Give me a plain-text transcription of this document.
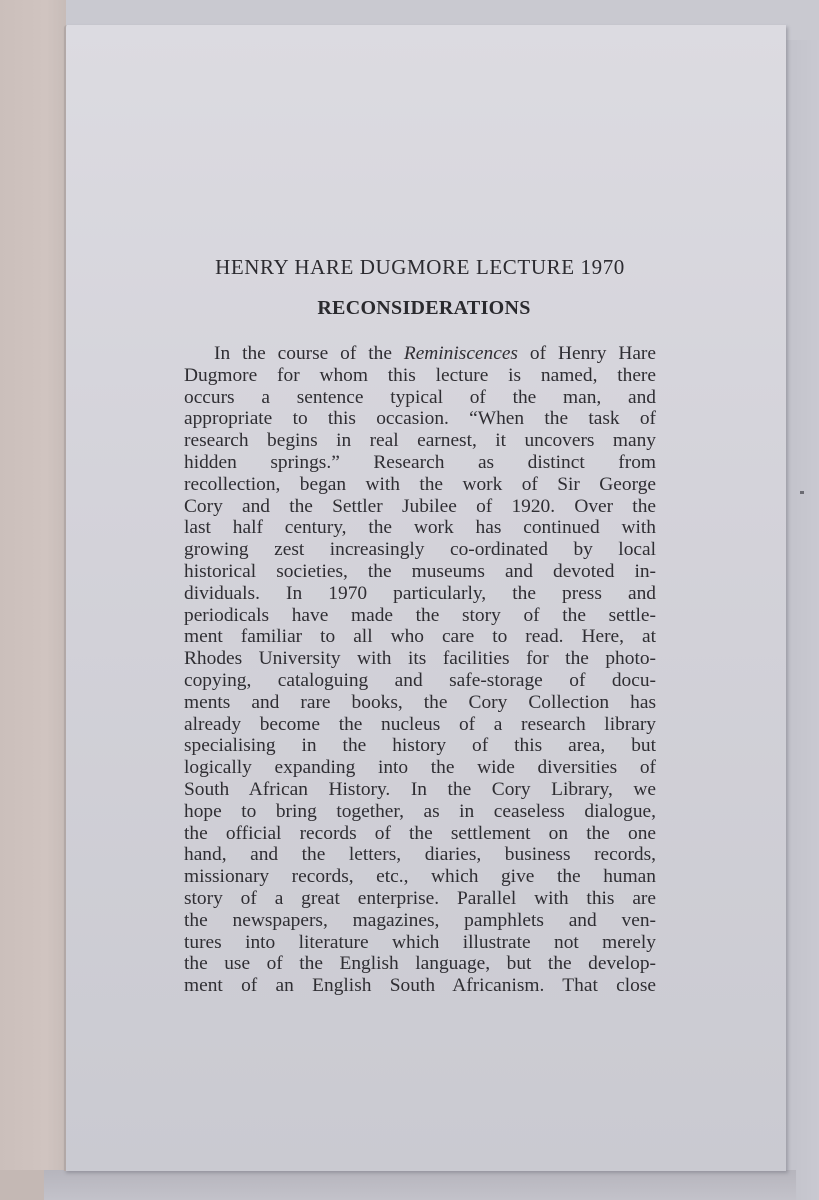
HENRY HARE DUGMORE LECTURE 1970
RECONSIDERATIONS
In the course of the Reminiscences of Henry Hare
Dugmore for whom this lecture is named, there
occurs a sentence typical of the man, and
appropriate to this occasion. “When the task of
research begins in real earnest, it uncovers many
hidden springs.” Research as distinct from
recollection, began with the work of Sir George
Cory and the Settler Jubilee of 1920. Over the
last half century, the work has continued with
growing zest increasingly co-ordinated by local
historical societies, the museums and devoted in-
dividuals. In 1970 particularly, the press and
periodicals have made the story of the settle-
ment familiar to all who care to read. Here, at
Rhodes University with its facilities for the photo-
copying, cataloguing and safe-storage of docu-
ments and rare books, the Cory Collection has
already become the nucleus of a research library
specialising in the history of this area, but
logically expanding into the wide diversities of
South African History. In the Cory Library, we
hope to bring together, as in ceaseless dialogue,
the official records of the settlement on the one
hand, and the letters, diaries, business records,
missionary records, etc., which give the human
story of a great enterprise. Parallel with this are
the newspapers, magazines, pamphlets and ven-
tures into literature which illustrate not merely
the use of the English language, but the develop-
ment of an English South Africanism. That close
